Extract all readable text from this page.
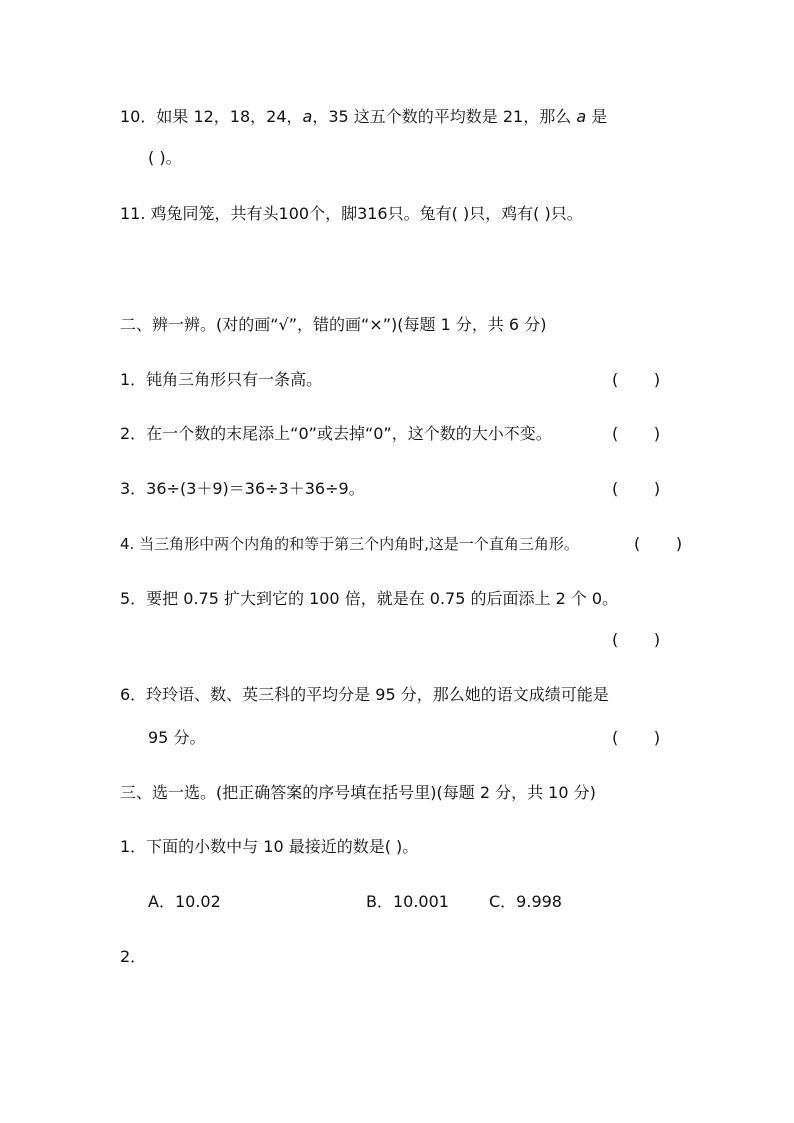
10．如果 12，18，24，a，35 这五个数的平均数是 21，那么 a 是
( )。
11. 鸡兔同笼，共有头100个，脚316只。兔有( )只，鸡有( )只。
二、辨一辨。(对的画“√”，错的画“×”)(每题 1 分，共 6 分)
1．钝角三角形只有一条高。	(       )
2．在一个数的末尾添上“0”或去掉“0”，这个数的大小不变。	(       )
3．36÷(3＋9)＝36÷3＋36÷9。	(       )
4. 当三角形中两个内角的和等于第三个内角时,这是一个直角三角形。	(       )
5．要把 0.75 扩大到它的 100 倍，就是在 0.75 的后面添上 2 个 0。
(       )
6．玲玲语、数、英三科的平均分是 95 分，那么她的语文成绩可能是
95 分。	(       )
三、选一选。(把正确答案的序号填在括号里)(每题 2 分，共 10 分)
1．下面的小数中与 10 最接近的数是( )。
A．10.02	B．10.001	C．9.998
2．
